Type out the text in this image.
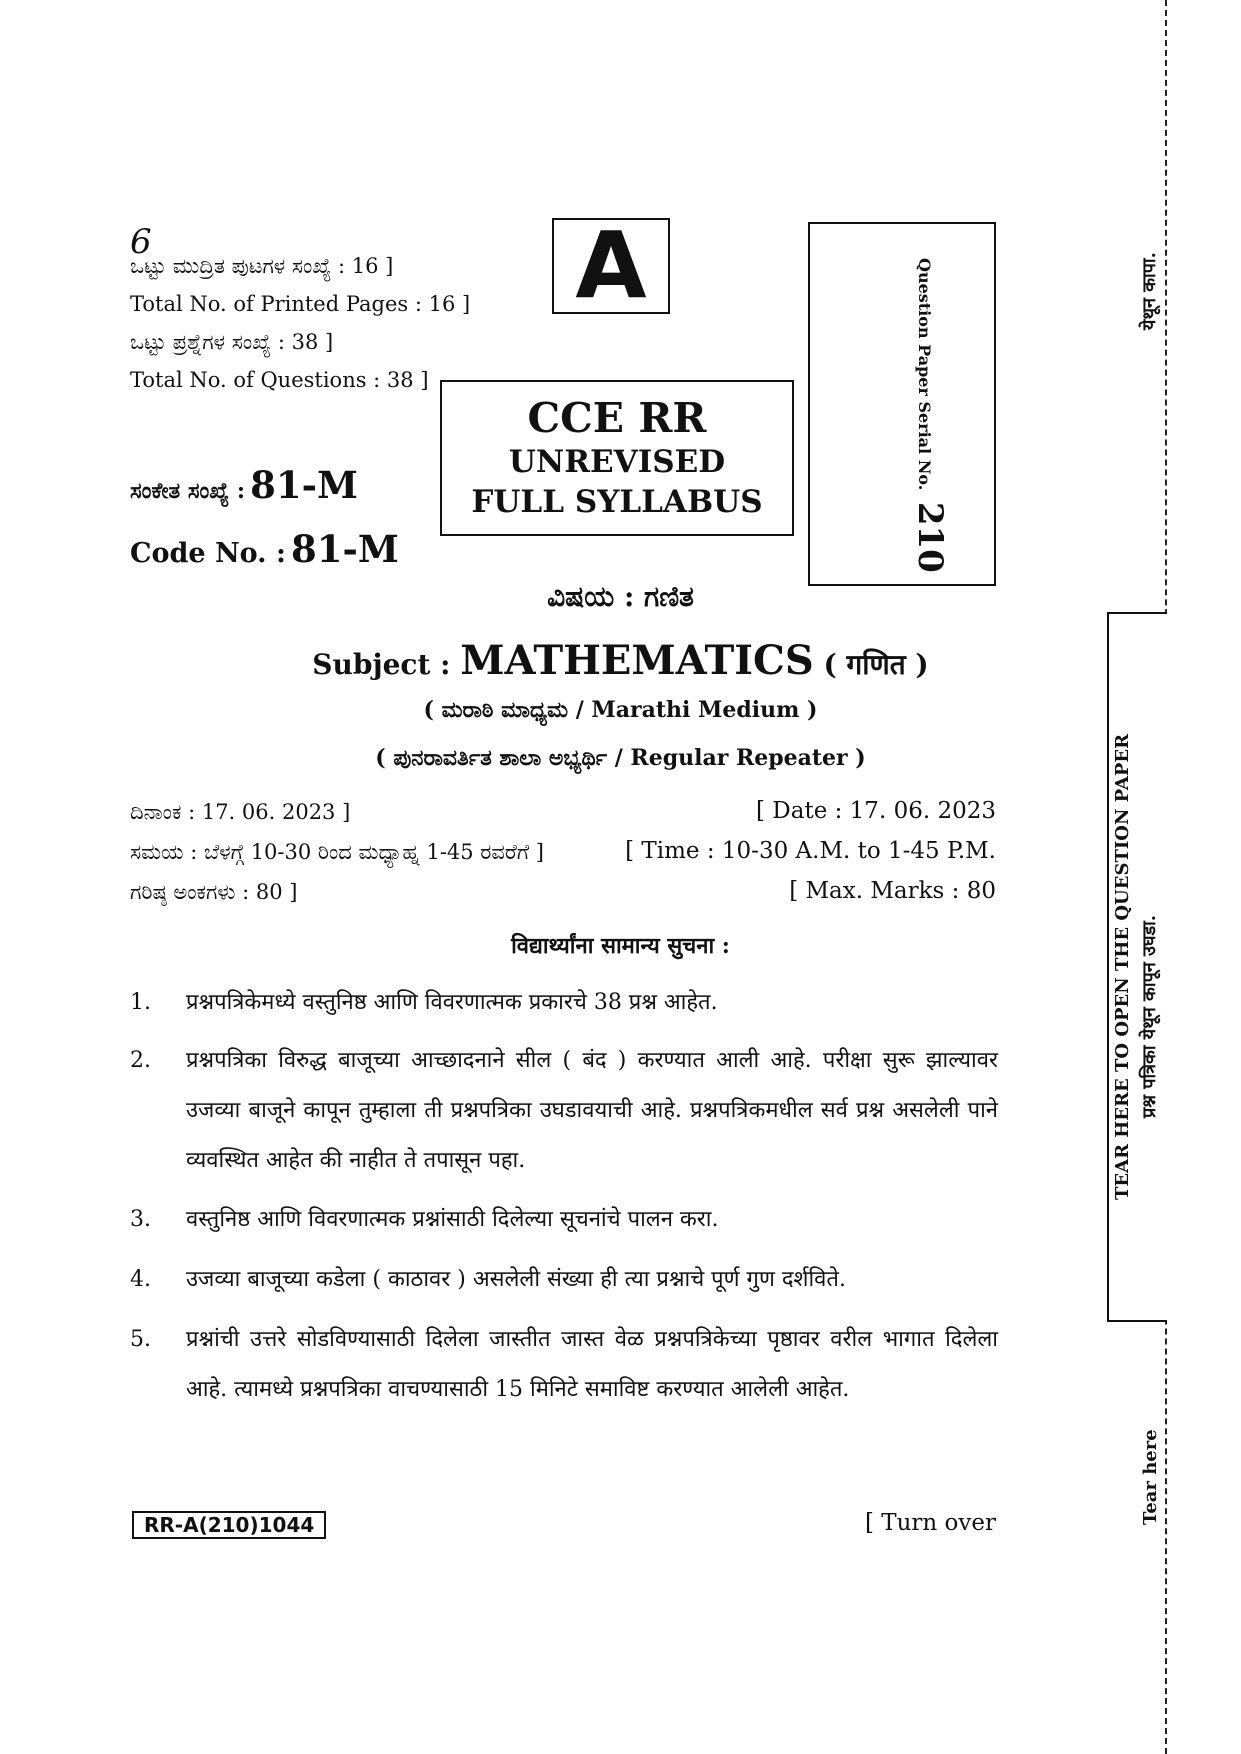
6
ಒಟ್ಟು ಮುದ್ರಿತ ಪುಟಗಳ ಸಂಖ್ಯೆ : 16 ]
Total No. of Printed Pages : 16 ]
ಒಟ್ಟು ಪ್ರಶ್ನೆಗಳ ಸಂಖ್ಯೆ : 38 ]
Total No. of Questions : 38 ]
ಸಂಕೇತ ಸಂಖ್ಯೆ : 81-M
Code No. : 81-M
A
CCE RR
UNREVISED
FULL SYLLABUS
Question Paper Serial No. 210
ವಿಷಯ : ಗಣಿತ
Subject : MATHEMATICS ( गणित )
( ಮರಾಠಿ ಮಾಧ್ಯಮ / Marathi Medium )
( ಪುನರಾವರ್ತಿತ ಶಾಲಾ ಅಭ್ಯರ್ಥಿ / Regular Repeater )
ದಿನಾಂಕ : 17. 06. 2023 ]	[ Date : 17. 06. 2023
ಸಮಯ : ಬೆಳಗ್ಗೆ 10-30 ರಿಂದ ಮಧ್ಯಾಹ್ನ 1-45 ರವರೆಗೆ ]	[ Time : 10-30 A.M. to 1-45 P.M.
ಗರಿಷ್ಠ ಅಂಕಗಳು : 80 ]	[ Max. Marks : 80
विद्यार्थ्यांना सामान्य सुचना :
1. प्रश्नपत्रिकेमध्ये वस्तुनिष्ठ आणि विवरणात्मक प्रकारचे 38 प्रश्न आहेत.
2. प्रश्नपत्रिका विरुद्ध बाजूच्या आच्छादनाने सील ( बंद ) करण्यात आली आहे. परीक्षा सुरू झाल्यावर उजव्या बाजूने कापून तुम्हाला ती प्रश्नपत्रिका उघडावयाची आहे. प्रश्नपत्रिकमधील सर्व प्रश्न असलेली पाने व्यवस्थित आहेत की नाहीत ते तपासून पहा.
3. वस्तुनिष्ठ आणि विवरणात्मक प्रश्नांसाठी दिलेल्या सूचनांचे पालन करा.
4. उजव्या बाजूच्या कडेला ( काठावर ) असलेली संख्या ही त्या प्रश्नाचे पूर्ण गुण दर्शविते.
5. प्रश्नांची उत्तरे सोडविण्यासाठी दिलेला जास्तीत जास्त वेळ प्रश्नपत्रिकेच्या पृष्ठावर वरील भागात दिलेला आहे. त्यामध्ये प्रश्नपत्रिका वाचण्यासाठी 15 मिनिटे समाविष्ट करण्यात आलेली आहेत.
RR-A(210)1044	[ Turn over
येथून कापा.
TEAR HERE TO OPEN THE QUESTION PAPER प्रश्न पत्रिका येथून कापून उघडा.
Tear here
